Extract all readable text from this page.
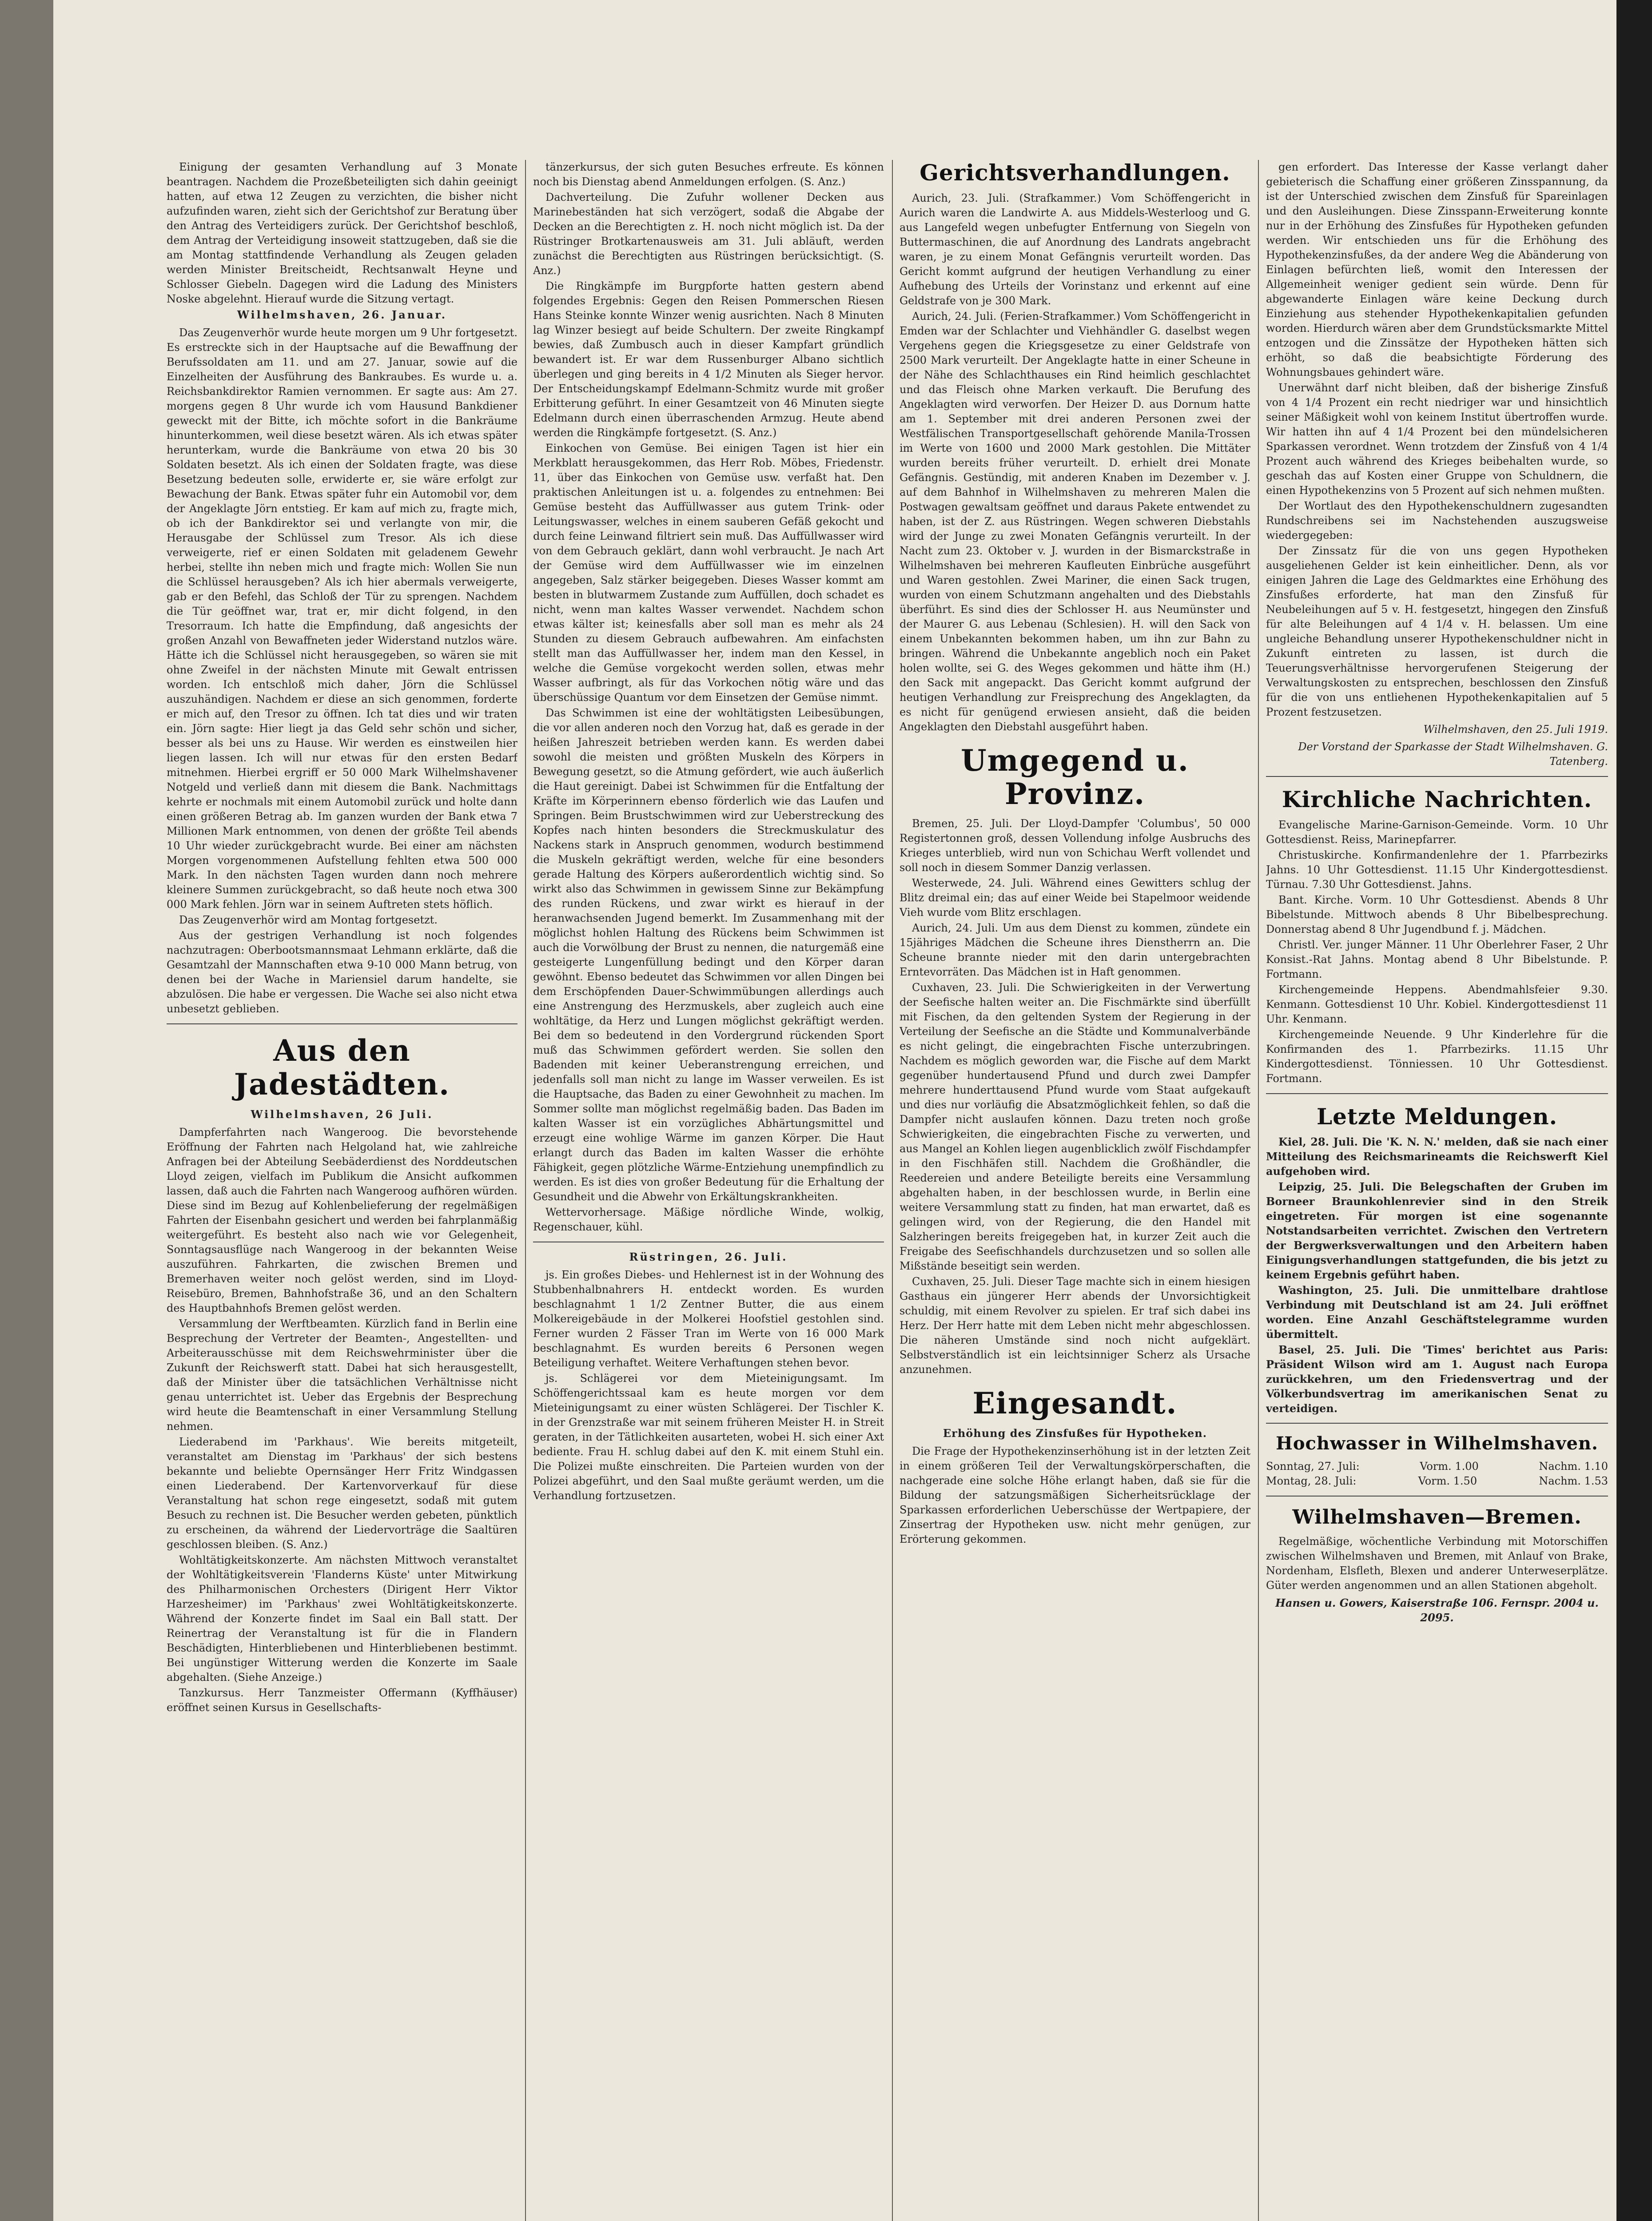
Einigung der gesamten Verhandlung auf 3 Monate beantragen. Nachdem die Prozeßbeteiligten sich dahin geeinigt hatten, auf etwa 12 Zeugen zu verzichten, die bisher nicht aufzufinden waren, zieht sich der Gerichtshof zur Beratung über den Antrag des Verteidigers zurück. Der Gerichtshof beschloß, dem Antrag der Verteidigung insoweit stattzugeben, daß sie die am Montag stattfindende Verhandlung als Zeugen geladen werden Minister Breitscheidt, Rechtsanwalt Heyne und Schlosser Giebeln. Dagegen wird die Ladung des Ministers Noske abgelehnt. Hierauf wurde die Sitzung vertagt.

Wilhelmshaven, 26. Januar.

Das Zeugenverhör wurde heute morgen um 9 Uhr fortgesetzt. Es erstreckte sich in der Hauptsache auf die Bewaffnung der Berufssoldaten am 11. und am 27. Januar, sowie auf die Einzelheiten der Ausführung des Bankraubes. Es wurde u. a. Reichsbankdirektor Ramien vernommen. Er sagte aus: Am 27. morgens gegen 8 Uhr wurde ich vom Hausund Bankdiener geweckt mit der Bitte, ich möchte sofort in die Bankräume hinunterkommen, weil diese besetzt wären. Als ich etwas später herunterkam, wurde die Bankräume von etwa 20 bis 30 Soldaten besetzt. Als ich einen der Soldaten fragte, was diese Besetzung bedeuten solle, erwiderte er, sie wäre erfolgt zur Bewachung der Bank. Etwas später fuhr ein Automobil vor, dem der Angeklagte Jörn entstieg. Er kam auf mich zu, fragte mich, ob ich der Bankdirektor sei und verlangte von mir, die Herausgabe der Schlüssel zum Tresor. Als ich diese verweigerte, rief er einen Soldaten mit geladenem Gewehr herbei, stellte ihn neben mich und fragte mich: Wollen Sie nun die Schlüssel herausgeben? Als ich hier abermals verweigerte, gab er den Befehl, das Schloß der Tür zu sprengen. Nachdem die Tür geöffnet war, trat er, mir dicht folgend, in den Tresorraum. Ich hatte die Empfindung, daß angesichts der großen Anzahl von Bewaffneten jeder Widerstand nutzlos wäre. Hätte ich die Schlüssel nicht herausgegeben, so wären sie mit ohne Zweifel in der nächsten Minute mit Gewalt entrissen worden. Ich entschloß mich daher, Jörn die Schlüssel auszuhändigen. Nachdem er diese an sich genommen, forderte er mich auf, den Tresor zu öffnen. Ich tat dies und wir traten ein. Jörn sagte: Hier liegt ja das Geld sehr schön und sicher, besser als bei uns zu Hause. Wir werden es einstweilen hier liegen lassen. Ich will nur etwas für den ersten Bedarf mitnehmen. Hierbei ergriff er 50 000 Mark Wilhelmshavener Notgeld und verließ dann mit diesem die Bank. Nachmittags kehrte er nochmals mit einem Automobil zurück und holte dann einen größeren Betrag ab. Im ganzen wurden der Bank etwa 7 Millionen Mark entnommen, von denen der größte Teil abends 10 Uhr wieder zurückgebracht wurde. Bei einer am nächsten Morgen vorgenommenen Aufstellung fehlten etwa 500 000 Mark. In den nächsten Tagen wurden dann noch mehrere kleinere Summen zurückgebracht, so daß heute noch etwa 300 000 Mark fehlen. Jörn war in seinem Auftreten stets höflich.

Das Zeugenverhör wird am Montag fortgesetzt.

Aus der gestrigen Verhandlung ist noch folgendes nachzutragen: Oberbootsmannsmaat Lehmann erklärte, daß die Gesamtzahl der Mannschaften etwa 9-10 000 Mann betrug, von denen bei der Wache in Mariensiel darum handelte, sie abzulösen. Die habe er vergessen. Die Wache sei also nicht etwa unbesetzt geblieben.

Aus den Jadestädten.
Wilhelmshaven, 26 Juli.

Dampferfahrten nach Wangeroog. Die bevorstehende Eröffnung der Fahrten nach Helgoland hat, wie zahlreiche Anfragen bei der Abteilung Seebäderdienst des Norddeutschen Lloyd zeigen, vielfach im Publikum die Ansicht aufkommen lassen, daß auch die Fahrten nach Wangeroog aufhören würden. Diese sind im Bezug auf Kohlenbelieferung der regelmäßigen Fahrten der Eisenbahn gesichert und werden bei fahrplanmäßig weitergeführt. Es besteht also nach wie vor Gelegenheit, Sonntagsausflüge nach Wangeroog in der bekannten Weise auszuführen. Fahrkarten, die zwischen Bremen und Bremerhaven weiter noch gelöst werden, sind im Lloyd-Reisebüro, Bremen, Bahnhofstraße 36, und an den Schaltern des Hauptbahnhofs Bremen gelöst werden.

Versammlung der Werftbeamten. Kürzlich fand in Berlin eine Besprechung der Vertreter der Beamten-, Angestellten- und Arbeiterausschüsse mit dem Reichswehrminister über die Zukunft der Reichswerft statt. Dabei hat sich herausgestellt, daß der Minister über die tatsächlichen Verhältnisse nicht genau unterrichtet ist. Ueber das Ergebnis der Besprechung wird heute die Beamtenschaft in einer Versammlung Stellung nehmen.

Liederabend im 'Parkhaus'. Wie bereits mitgeteilt, veranstaltet am Dienstag im 'Parkhaus' der sich bestens bekannte und beliebte Opernsänger Herr Fritz Windgassen einen Liederabend. Der Kartenvorverkauf für diese Veranstaltung hat schon rege eingesetzt, sodaß mit gutem Besuch zu rechnen ist. Die Besucher werden gebeten, pünktlich zu erscheinen, da während der Liedervorträge die Saaltüren geschlossen bleiben. (S. Anz.)

Wohltätigkeitskonzerte. Am nächsten Mittwoch veranstaltet der Wohltätigkeitsverein 'Flanderns Küste' unter Mitwirkung des Philharmonischen Orchesters (Dirigent Herr Viktor Harzesheimer) im 'Parkhaus' zwei Wohltätigkeitskonzerte. Während der Konzerte findet im Saal ein Ball statt. Der Reinertrag der Veranstaltung ist für die in Flandern Beschädigten, Hinterbliebenen und Hinterbliebenen bestimmt. Bei ungünstiger Witterung werden die Konzerte im Saale abgehalten. (Siehe Anzeige.)

Tanzkursus. Herr Tanzmeister Offermann (Kyffhäuser) eröffnet seinen Kursus in Gesellschafts-

tänzerkursus, der sich guten Besuches erfreute. Es können noch bis Dienstag abend Anmeldungen erfolgen. (S. Anz.)

Dachverteilung. Die Zufuhr wollener Decken aus Marinebeständen hat sich verzögert, sodaß die Abgabe der Decken an die Berechtigten z. H. noch nicht möglich ist. Da der Rüstringer Brotkartenausweis am 31. Juli abläuft, werden zunächst die Berechtigten aus Rüstringen berücksichtigt. (S. Anz.)

Die Ringkämpfe im Burgpforte hatten gestern abend folgendes Ergebnis: Gegen den Reisen Pommerschen Riesen Hans Steinke konnte Winzer wenig ausrichten. Nach 8 Minuten lag Winzer besiegt auf beide Schultern. Der zweite Ringkampf bewies, daß Zumbusch auch in dieser Kampfart gründlich bewandert ist. Er war dem Russenburger Albano sichtlich überlegen und ging bereits in 4 1/2 Minuten als Sieger hervor. Der Entscheidungskampf Edelmann-Schmitz wurde mit großer Erbitterung geführt. In einer Gesamtzeit von 46 Minuten siegte Edelmann durch einen überraschenden Armzug. Heute abend werden die Ringkämpfe fortgesetzt. (S. Anz.)

Einkochen von Gemüse. Bei einigen Tagen ist hier ein Merkblatt herausgekommen, das Herr Rob. Möbes, Friedenstr. 11, über das Einkochen von Gemüse usw. verfaßt hat. Den praktischen Anleitungen ist u. a. folgendes zu entnehmen: Bei Gemüse besteht das Auffüllwasser aus gutem Trink- oder Leitungswasser, welches in einem sauberen Gefäß gekocht und durch feine Leinwand filtriert sein muß. Das Auffüllwasser wird von dem Gebrauch geklärt, dann wohl verbraucht. Je nach Art der Gemüse wird dem Auffüllwasser wie im einzelnen angegeben, Salz stärker beigegeben. Dieses Wasser kommt am besten in blutwarmem Zustande zum Auffüllen, doch schadet es nicht, wenn man kaltes Wasser verwendet. Nachdem schon etwas kälter ist; keinesfalls aber soll man es mehr als 24 Stunden zu diesem Gebrauch aufbewahren. Am einfachsten stellt man das Auffüllwasser her, indem man den Kessel, in welche die Gemüse vorgekocht werden sollen, etwas mehr Wasser aufbringt, als für das Vorkochen nötig wäre und das überschüssige Quantum vor dem Einsetzen der Gemüse nimmt.

Das Schwimmen ist eine der wohltätigsten Leibesübungen, die vor allen anderen noch den Vorzug hat, daß es gerade in der heißen Jahreszeit betrieben werden kann. Es werden dabei sowohl die meisten und größten Muskeln des Körpers in Bewegung gesetzt, so die Atmung gefördert, wie auch äußerlich die Haut gereinigt. Dabei ist Schwimmen für die Entfaltung der Kräfte im Körperinnern ebenso förderlich wie das Laufen und Springen. Beim Brustschwimmen wird zur Ueberstreckung des Kopfes nach hinten besonders die Streckmuskulatur des Nackens stark in Anspruch genommen, wodurch bestimmend die Muskeln gekräftigt werden, welche für eine besonders gerade Haltung des Körpers außerordentlich wichtig sind. So wirkt also das Schwimmen in gewissem Sinne zur Bekämpfung des runden Rückens, und zwar wirkt es hierauf in der heranwachsenden Jugend bemerkt. Im Zusammenhang mit der möglichst hohlen Haltung des Rückens beim Schwimmen ist auch die Vorwölbung der Brust zu nennen, die naturgemäß eine gesteigerte Lungenfüllung bedingt und den Körper daran gewöhnt. Ebenso bedeutet das Schwimmen vor allen Dingen bei dem Erschöpfenden Dauer-Schwimmübungen allerdings auch eine Anstrengung des Herzmuskels, aber zugleich auch eine wohltätige, da Herz und Lungen möglichst gekräftigt werden. Bei dem so bedeutend in den Vordergrund rückenden Sport muß das Schwimmen gefördert werden. Sie sollen den Badenden mit keiner Ueberanstrengung erreichen, und jedenfalls soll man nicht zu lange im Wasser verweilen. Es ist die Hauptsache, das Baden zu einer Gewohnheit zu machen. Im Sommer sollte man möglichst regelmäßig baden. Das Baden im kalten Wasser ist ein vorzügliches Abhärtungsmittel und erzeugt eine wohlige Wärme im ganzen Körper. Die Haut erlangt durch das Baden im kalten Wasser die erhöhte Fähigkeit, gegen plötzliche Wärme-Entziehung unempfindlich zu werden. Es ist dies von großer Bedeutung für die Erhaltung der Gesundheit und die Abwehr von Erkältungskrankheiten.

Wettervorhersage. Mäßige nördliche Winde, wolkig, Regenschauer, kühl.

Rüstringen, 26. Juli.

js. Ein großes Diebes- und Hehlernest ist in der Wohnung des Stubbenhalbnahrers H. entdeckt worden. Es wurden beschlagnahmt 1 1/2 Zentner Butter, die aus einem Molkereigebäude in der Molkerei Hoofstiel gestohlen sind. Ferner wurden 2 Fässer Tran im Werte von 16 000 Mark beschlagnahmt. Es wurden bereits 6 Personen wegen Beteiligung verhaftet. Weitere Verhaftungen stehen bevor.

js. Schlägerei vor dem Mieteinigungsamt. Im Schöffengerichtssaal kam es heute morgen vor dem Mieteinigungsamt zu einer wüsten Schlägerei. Der Tischler K. in der Grenzstraße war mit seinem früheren Meister H. in Streit geraten, in der Tätlichkeiten ausarteten, wobei H. sich einer Axt bediente. Frau H. schlug dabei auf den K. mit einem Stuhl ein. Die Polizei mußte einschreiten. Die Parteien wurden von der Polizei abgeführt, und den Saal mußte geräumt werden, um die Verhandlung fortzusetzen.

Gerichtsverhandlungen.

Aurich, 23. Juli. (Strafkammer.) Vom Schöffengericht in Aurich waren die Landwirte A. aus Middels-Westerloog und G. aus Langefeld wegen unbefugter Entfernung von Siegeln von Buttermaschinen, die auf Anordnung des Landrats angebracht waren, je zu einem Monat Gefängnis verurteilt worden. Das Gericht kommt aufgrund der heutigen Verhandlung zu einer Aufhebung des Urteils der Vorinstanz und erkennt auf eine Geldstrafe von je 300 Mark.

Aurich, 24. Juli. (Ferien-Strafkammer.) Vom Schöffengericht in Emden war der Schlachter und Viehhändler G. daselbst wegen Vergehens gegen die Kriegsgesetze zu einer Geldstrafe von 2500 Mark verurteilt. Der Angeklagte hatte in einer Scheune in der Nähe des Schlachthauses ein Rind heimlich geschlachtet und das Fleisch ohne Marken verkauft. Die Berufung des Angeklagten wird verworfen. Der Heizer D. aus Dornum hatte am 1. September mit drei anderen Personen zwei der Westfälischen Transportgesellschaft gehörende Manila-Trossen im Werte von 1600 und 2000 Mark gestohlen. Die Mittäter wurden bereits früher verurteilt. D. erhielt drei Monate Gefängnis. Gestündig, mit anderen Knaben im Dezember v. J. auf dem Bahnhof in Wilhelmshaven zu mehreren Malen die Postwagen gewaltsam geöffnet und daraus Pakete entwendet zu haben, ist der Z. aus Rüstringen. Wegen schweren Diebstahls wird der Junge zu zwei Monaten Gefängnis verurteilt. In der Nacht zum 23. Oktober v. J. wurden in der Bismarckstraße in Wilhelmshaven bei mehreren Kaufleuten Einbrüche ausgeführt und Waren gestohlen. Zwei Mariner, die einen Sack trugen, wurden von einem Schutzmann angehalten und des Diebstahls überführt. Es sind dies der Schlosser H. aus Neumünster und der Maurer G. aus Lebenau (Schlesien). H. will den Sack von einem Unbekannten bekommen haben, um ihn zur Bahn zu bringen. Während die Unbekannte angeblich noch ein Paket holen wollte, sei G. des Weges gekommen und hätte ihm (H.) den Sack mit angepackt. Das Gericht kommt aufgrund der heutigen Verhandlung zur Freisprechung des Angeklagten, da es nicht für genügend erwiesen ansieht, daß die beiden Angeklagten den Diebstahl ausgeführt haben.

Umgegend u. Provinz.

Bremen, 25. Juli. Der Lloyd-Dampfer 'Columbus', 50 000 Registertonnen groß, dessen Vollendung infolge Ausbruchs des Krieges unterblieb, wird nun von Schichau Werft vollendet und soll noch in diesem Sommer Danzig verlassen.

Westerwede, 24. Juli. Während eines Gewitters schlug der Blitz dreimal ein; das auf einer Weide bei Stapelmoor weidende Vieh wurde vom Blitz erschlagen.

Aurich, 24. Juli. Um aus dem Dienst zu kommen, zündete ein 15jähriges Mädchen die Scheune ihres Dienstherrn an. Die Scheune brannte nieder mit den darin untergebrachten Erntevorräten. Das Mädchen ist in Haft genommen.

Cuxhaven, 23. Juli. Die Schwierigkeiten in der Verwertung der Seefische halten weiter an. Die Fischmärkte sind überfüllt mit Fischen, da den geltenden System der Regierung in der Verteilung der Seefische an die Städte und Kommunalverbände es nicht gelingt, die eingebrachten Fische unterzubringen. Nachdem es möglich geworden war, die Fische auf dem Markt gegenüber hundertausend Pfund und durch zwei Dampfer mehrere hunderttausend Pfund wurde vom Staat aufgekauft und dies nur vorläufig die Absatzmöglichkeit fehlen, so daß die Dampfer nicht auslaufen können. Dazu treten noch große Schwierigkeiten, die eingebrachten Fische zu verwerten, und aus Mangel an Kohlen liegen augenblicklich zwölf Fischdampfer in den Fischhäfen still. Nachdem die Großhändler, die Reedereien und andere Beteiligte bereits eine Versammlung abgehalten haben, in der beschlossen wurde, in Berlin eine weitere Versammlung statt zu finden, hat man erwartet, daß es gelingen wird, von der Regierung, die den Handel mit Salzheringen bereits freigegeben hat, in kurzer Zeit auch die Freigabe des Seefischhandels durchzusetzen und so sollen alle Mißstände beseitigt sein werden.

Cuxhaven, 25. Juli. Dieser Tage machte sich in einem hiesigen Gasthaus ein jüngerer Herr abends der Unvorsichtigkeit schuldig, mit einem Revolver zu spielen. Er traf sich dabei ins Herz. Der Herr hatte mit dem Leben nicht mehr abgeschlossen. Die näheren Umstände sind noch nicht aufgeklärt. Selbstverständlich ist ein leichtsinniger Scherz als Ursache anzunehmen.

Eingesandt.
Erhöhung des Zinsfußes für Hypotheken.

Die Frage der Hypothekenzinserhöhung ist in der letzten Zeit in einem größeren Teil der Verwaltungskörperschaften, die nachgerade eine solche Höhe erlangt haben, daß sie für die Bildung der satzungsmäßigen Sicherheitsrücklage der Sparkassen erforderlichen Ueberschüsse der Wertpapiere, der Zinsertrag der Hypotheken usw. nicht mehr genügen, zur Erörterung gekommen.

gen erfordert. Das Interesse der Kasse verlangt daher gebieterisch die Schaffung einer größeren Zinsspannung, da ist der Unterschied zwischen dem Zinsfuß für Spareinlagen und den Ausleihungen. Diese Zinsspann-Erweiterung konnte nur in der Erhöhung des Zinsfußes für Hypotheken gefunden werden. Wir entschieden uns für die Erhöhung des Hypothekenzinsfußes, da der andere Weg die Abänderung von Einlagen befürchten ließ, womit den Interessen der Allgemeinheit weniger gedient sein würde. Denn für abgewanderte Einlagen wäre keine Deckung durch Einziehung aus stehender Hypothekenkapitalien gefunden worden. Hierdurch wären aber dem Grundstücksmarkte Mittel entzogen und die Zinssätze der Hypotheken hätten sich erhöht, so daß die beabsichtigte Förderung des Wohnungsbaues gehindert wäre.

Unerwähnt darf nicht bleiben, daß der bisherige Zinsfuß von 4 1/4 Prozent ein recht niedriger war und hinsichtlich seiner Mäßigkeit wohl von keinem Institut übertroffen wurde. Wir hatten ihn auf 4 1/4 Prozent bei den mündelsicheren Sparkassen verordnet. Wenn trotzdem der Zinsfuß von 4 1/4 Prozent auch während des Krieges beibehalten wurde, so geschah das auf Kosten einer Gruppe von Schuldnern, die einen Hypothekenzins von 5 Prozent auf sich nehmen mußten.

Der Wortlaut des den Hypothekenschuldnern zugesandten Rundschreibens sei im Nachstehenden auszugsweise wiedergegeben:

Der Zinssatz für die von uns gegen Hypotheken ausgeliehenen Gelder ist kein einheitlicher. Denn, als vor einigen Jahren die Lage des Geldmarktes eine Erhöhung des Zinsfußes erforderte, hat man den Zinsfuß für Neubeleihungen auf 5 v. H. festgesetzt, hingegen den Zinsfuß für alte Beleihungen auf 4 1/4 v. H. belassen. Um eine ungleiche Behandlung unserer Hypothekenschuldner nicht in Zukunft eintreten zu lassen, ist durch die Teuerungsverhältnisse hervorgerufenen Steigerung der Verwaltungskosten zu entsprechen, beschlossen den Zinsfuß für die von uns entliehenen Hypothekenkapitalien auf 5 Prozent festzusetzen.

Wilhelmshaven, den 25. Juli 1919.
Der Vorstand der Sparkasse der Stadt Wilhelmshaven. G. Tatenberg.
Kirchliche Nachrichten.

Evangelische Marine-Garnison-Gemeinde. Vorm. 10 Uhr Gottesdienst. Reiss, Marinepfarrer.

Christuskirche. Konfirmandenlehre der 1. Pfarrbezirks Jahns. 10 Uhr Gottesdienst. 11.15 Uhr Kindergottesdienst. Türnau. 7.30 Uhr Gottesdienst. Jahns.

Bant. Kirche. Vorm. 10 Uhr Gottesdienst. Abends 8 Uhr Bibelstunde. Mittwoch abends 8 Uhr Bibelbesprechung. Donnerstag abend 8 Uhr Jugendbund f. j. Mädchen.

Christl. Ver. junger Männer. 11 Uhr Oberlehrer Faser, 2 Uhr Konsist.-Rat Jahns. Montag abend 8 Uhr Bibelstunde. P. Fortmann.

Kirchengemeinde Heppens. Abendmahlsfeier 9.30. Kenmann. Gottesdienst 10 Uhr. Kobiel. Kindergottesdienst 11 Uhr. Kenmann.

Kirchengemeinde Neuende. 9 Uhr Kinderlehre für die Konfirmanden des 1. Pfarrbezirks. 11.15 Uhr Kindergottesdienst. Tönniessen. 10 Uhr Gottesdienst. Fortmann.

Letzte Meldungen.

Kiel, 28. Juli. Die 'K. N. N.' melden, daß sie nach einer Mitteilung des Reichsmarineamts die Reichswerft Kiel aufgehoben wird.

Leipzig, 25. Juli. Die Belegschaften der Gruben im Borneer Braunkohlenrevier sind in den Streik eingetreten. Für morgen ist eine sogenannte Notstandsarbeiten verrichtet. Zwischen den Vertretern der Bergwerksverwaltungen und den Arbeitern haben Einigungsverhandlungen stattgefunden, die bis jetzt zu keinem Ergebnis geführt haben.

Washington, 25. Juli. Die unmittelbare drahtlose Verbindung mit Deutschland ist am 24. Juli eröffnet worden. Eine Anzahl Geschäftstelegramme wurden übermittelt.

Basel, 25. Juli. Die 'Times' berichtet aus Paris: Präsident Wilson wird am 1. August nach Europa zurückkehren, um den Friedensvertrag und der Völkerbundsvertrag im amerikanischen Senat zu verteidigen.

Hochwasser in Wilhelmshaven.
Sonntag, 27. Juli:	Vorm. 1.00	Nachm. 1.10
Montag, 28. Juli:	Vorm. 1.50	Nachm. 1.53
Wilhelmshaven—Bremen.

Regelmäßige, wöchentliche Verbindung mit Motorschiffen zwischen Wilhelmshaven und Bremen, mit Anlauf von Brake, Nordenham, Elsfleth, Blexen und anderer Unterweserplätze. Güter werden angenommen und an allen Stationen abgeholt.

Hansen u. Gowers, Kaiserstraße 106. Fernspr. 2004 u. 2095.
